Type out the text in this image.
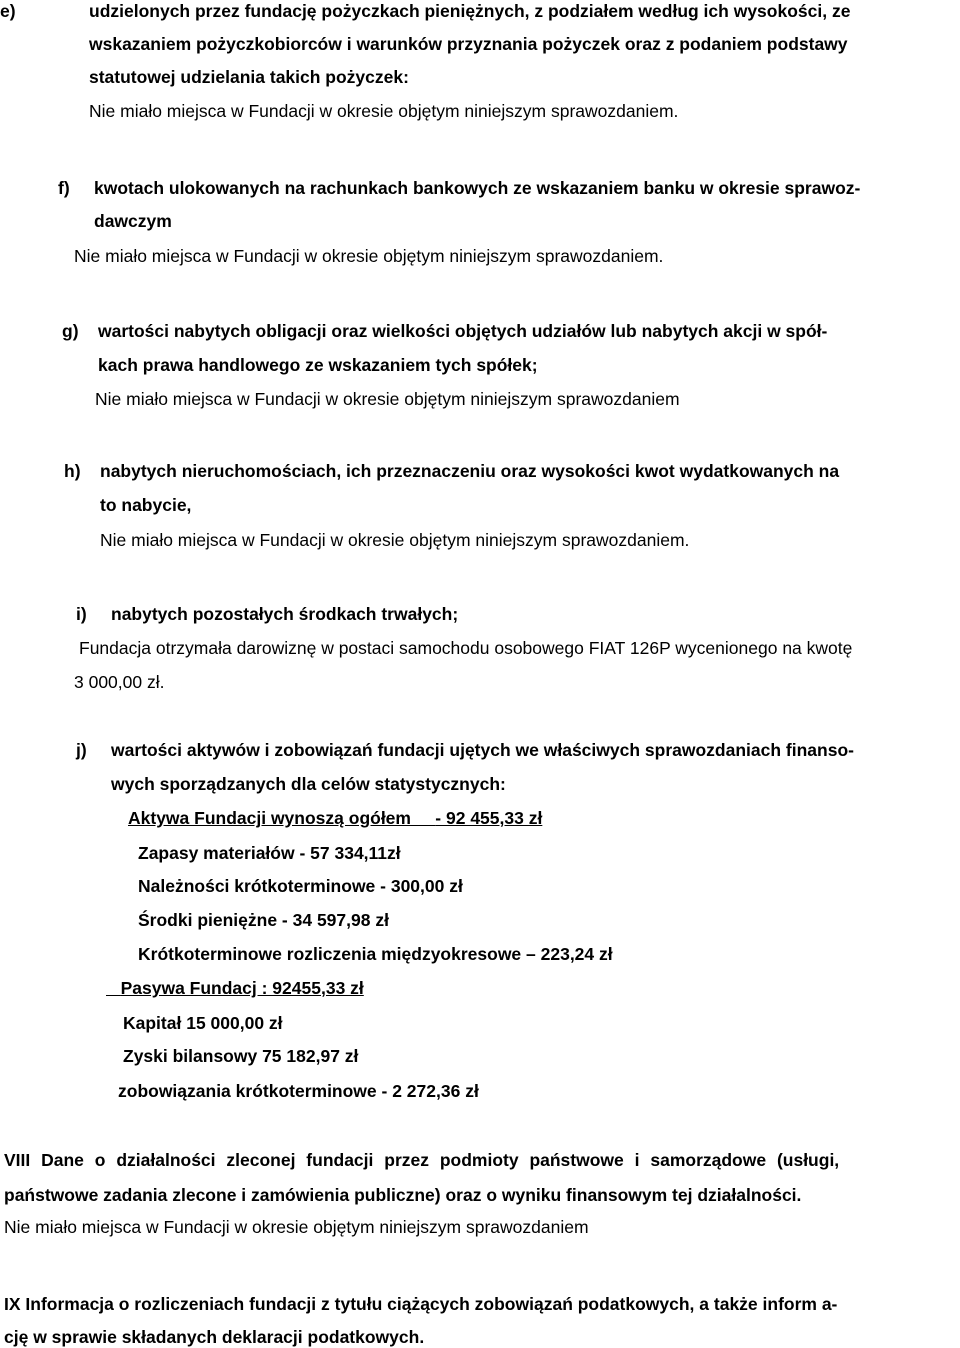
e)	udzielonych przez fundację pożyczkach pieniężnych, z podziałem według ich wysokości, ze
wskazaniem pożyczkobiorców i warunków przyznania pożyczek oraz z podaniem podstawy
statutowej udzielania takich pożyczek:
Nie miało miejsca w Fundacji w okresie objętym niniejszym sprawozdaniem.
f) kwotach ulokowanych na rachunkach bankowych ze wskazaniem banku w okresie sprawoz-
dawczym
Nie miało miejsca w Fundacji w okresie objętym niniejszym sprawozdaniem.
g) wartości nabytych obligacji oraz wielkości objętych udziałów lub nabytych akcji w spół-
kach prawa handlowego ze wskazaniem tych spółek;
Nie miało miejsca w Fundacji w okresie objętym niniejszym sprawozdaniem
h) nabytych nieruchomościach, ich przeznaczeniu oraz wysokości kwot wydatkowanych na
to nabycie,
Nie miało miejsca w Fundacji w okresie objętym niniejszym sprawozdaniem.
i) nabytych pozostałych środkach trwałych;
Fundacja otrzymała darowiznę w postaci samochodu osobowego FIAT 126P wycenionego na kwotę
3 000,00 zł.
j) wartości aktywów i zobowiązań fundacji ujętych we właściwych sprawozdaniach finanso-
wych sporządzanych dla celów statystycznych:
Aktywa Fundacji wynoszą ogółem - 92 455,33 zł
Zapasy materiałów - 57 334,11zł
Należności krótkoterminowe - 300,00 zł
Środki pieniężne - 34 597,98 zł
Krótkoterminowe rozliczenia międzyokresowe – 223,24 zł
Pasywa Fundacj : 92455,33 zł
Kapitał 15 000,00 zł
Zyski bilansowy 75 182,97 zł
zobowiązania krótkoterminowe - 2 272,36 zł
VIII Dane o działalności zleconej fundacji przez podmioty państwowe i samorządowe (usługi,
państwowe zadania zlecone i zamówienia publiczne) oraz o wyniku finansowym tej działalności.
Nie miało miejsca w Fundacji w okresie objętym niniejszym sprawozdaniem
IX Informacja o rozliczeniach fundacji z tytułu ciążących zobowiązań podatkowych, a także inform a-
cję w sprawie składanych deklaracji podatkowych.
